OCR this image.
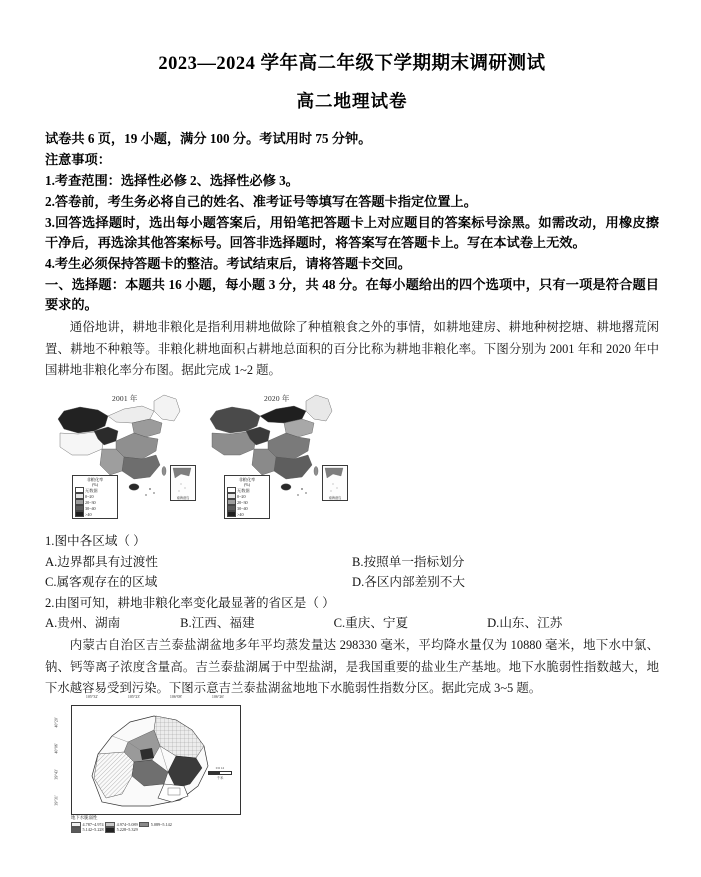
2023—2024 学年高二年级下学期期末调研测试
高二地理试卷

试卷共 6 页，19 小题，满分 100 分。考试用时 75 分钟。

注意事项：

1.考查范围：选择性必修 2、选择性必修 3。

2.答卷前，考生务必将自己的姓名、准考证号等填写在答题卡指定位置上。

3.回答选择题时，选出每小题答案后，用铅笔把答题卡上对应题目的答案标号涂黑。如需改动，用橡皮擦干净后，再选涂其他答案标号。回答非选择题时，将答案写在答题卡上。写在本试卷上无效。

4.考生必须保持答题卡的整洁。考试结束后，请将答题卡交回。

一、选择题：本题共 16 小题，每小题 3 分，共 48 分。在每小题给出的四个选项中，只有一项是符合题目要求的。

通俗地讲，耕地非粮化是指利用耕地做除了种植粮食之外的事情，如耕地建房、耕地种树挖塘、耕地撂荒闲置、耕地不种粮等。非粮化耕地面积占耕地总面积的百分比称为耕地非粮化率。下图分别为 2001 年和 2020 年中国耕地非粮化率分布图。据此完成 1~2 题。
2001 年
非粮化率
(%)
无数据
0~20
20~30
30~40
>40
南海诸岛
2020 年
非粮化率
(%)
无数据
0~20
20~30
30~40
>40
南海诸岛
1.图中各区域（ ）
A.边界都具有过渡性	B.按照单一指标划分
C.属客观存在的区域	D.各区内部差别不大
2.由图可知，耕地非粮化率变化最显著的省区是（ ）
A.贵州、湖南	B.江西、福建	C.重庆、宁夏	D.山东、江苏
内蒙古自治区吉兰泰盐湖盆地多年平均蒸发量达 298330 毫米，平均降水量仅为 10880 毫米，地下水中氯、钠、钙等离子浓度含量高。吉兰泰盐湖属于中型盐湖，是我国重要的盐业生产基地。地下水脆弱性指数越大，地下水越容易受到污染。下图示意吉兰泰盐湖盆地地下水脆弱性指数分区。据此完成 3~5 题。
105°32'	105°23'	106°08'	106°26'
40°20'
40°06'
39°43'
39°31'
0 6 12
千米
地下水脆弱性
4.787~4.974	4.974~5.089	5.089~5.142
5.142~5.228	5.228~5.329
